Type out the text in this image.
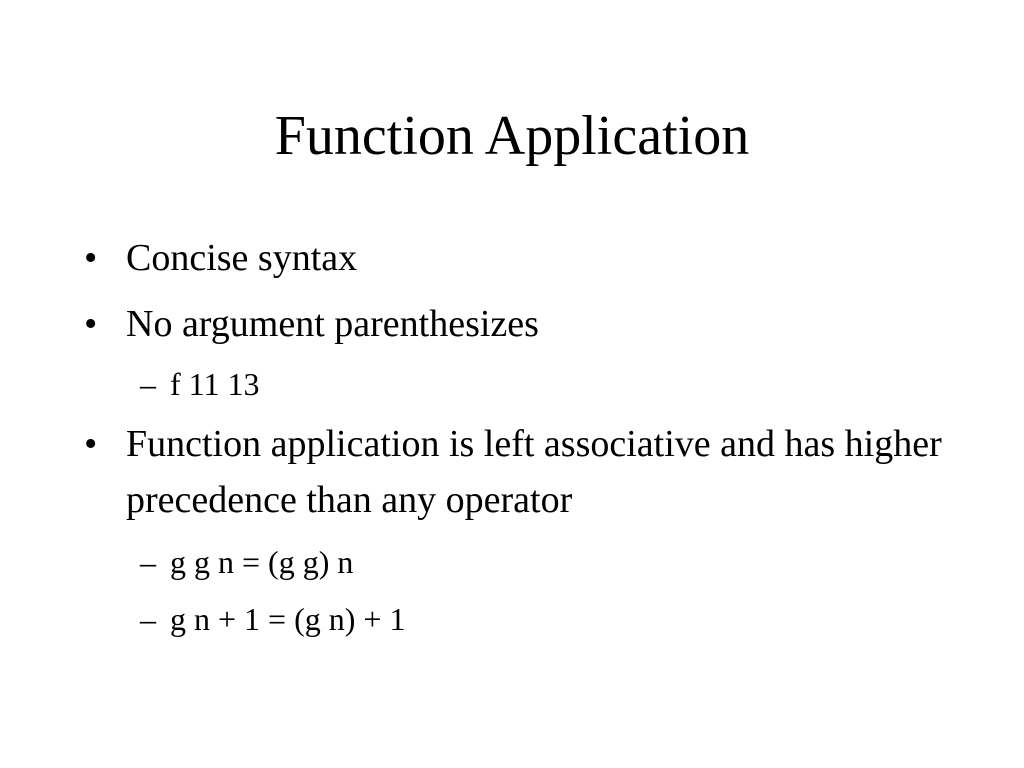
Function Application
• Concise syntax
• No argument parenthesizes
– f 11 13
• Function application is left associative and has higher precedence than any operator
– g g n = (g g) n
– g n + 1 = (g n) + 1
